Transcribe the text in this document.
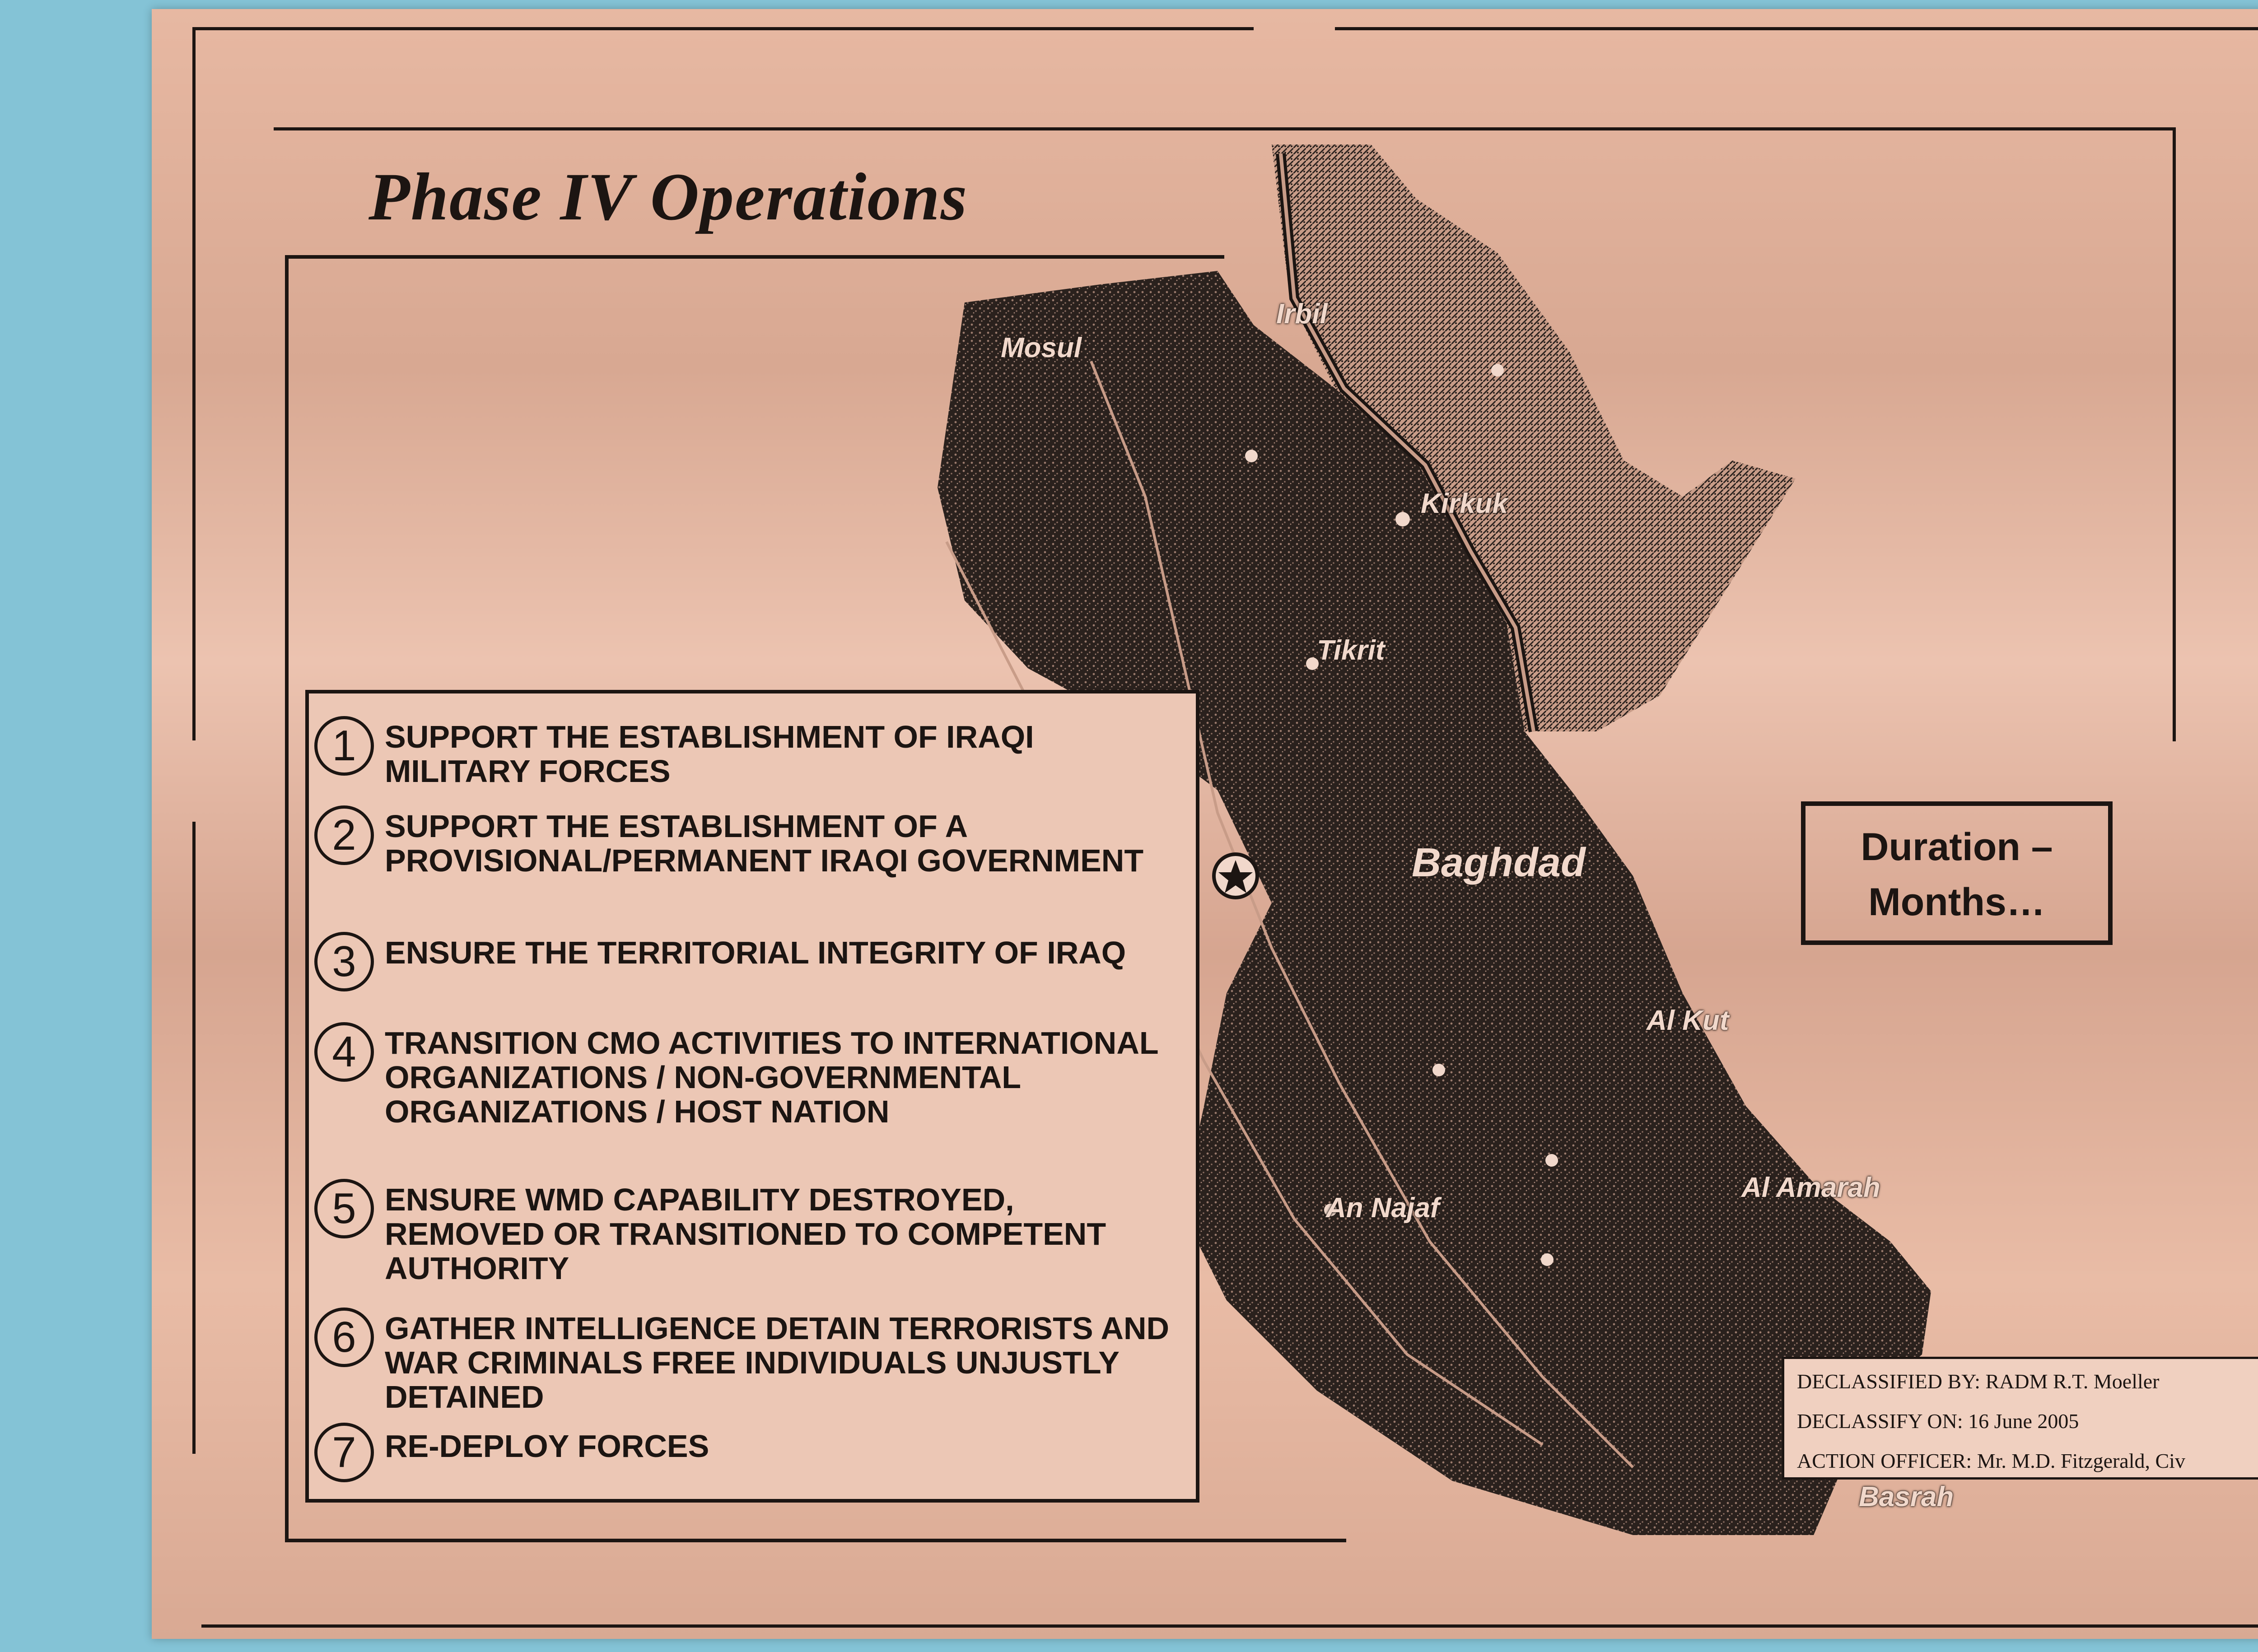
Mosul
Irbil
Kirkuk
Tikrit
Baghdad
Al Kut
Al Amarah
An Najaf
Basrah
Phase IV Operations
1 SUPPORT THE ESTABLISHMENT OF IRAQI MILITARY FORCES
2 SUPPORT THE ESTABLISHMENT OF A PROVISIONAL/PERMANENT IRAQI GOVERNMENT
3 ENSURE THE TERRITORIAL INTEGRITY OF IRAQ
4 TRANSITION CMO ACTIVITIES TO INTERNATIONAL ORGANIZATIONS / NON-GOVERNMENTAL ORGANIZATIONS / HOST NATION
5 ENSURE WMD CAPABILITY DESTROYED, REMOVED OR TRANSITIONED TO COMPETENT AUTHORITY
6 GATHER INTELLIGENCE DETAIN TERRORISTS AND WAR CRIMINALS FREE INDIVIDUALS UNJUSTLY DETAINED
7 RE-DEPLOY FORCES
Duration –
Months…
DECLASSIFIED BY: RADM R.T. Moeller
DECLASSIFY ON: 16 June 2005
ACTION OFFICER: Mr. M.D. Fitzgerald, Civ
